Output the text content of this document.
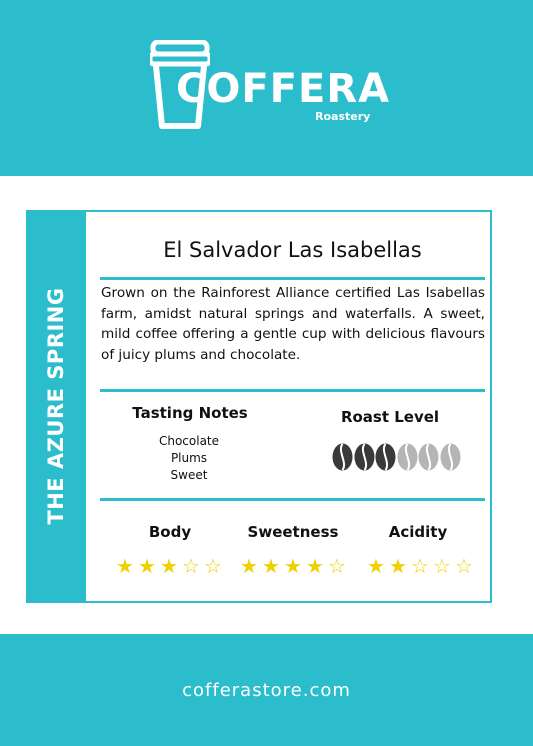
COFFERA
Roastery
THE AZURE SPRING
El Salvador Las Isabellas
Grown on the Rainforest Alliance certified Las Isabellas farm, amidst natural springs and waterfalls. A sweet, mild coffee offering a gentle cup with delicious flavours of juicy plums and chocolate.
Tasting Notes
Chocolate
Plums
Sweet
Roast Level
Body	Sweetness	Acidity
★ ★ ★ ☆ ☆ ★ ★ ★ ★ ☆ ★ ★ ☆ ☆ ☆
cofferastore.com
